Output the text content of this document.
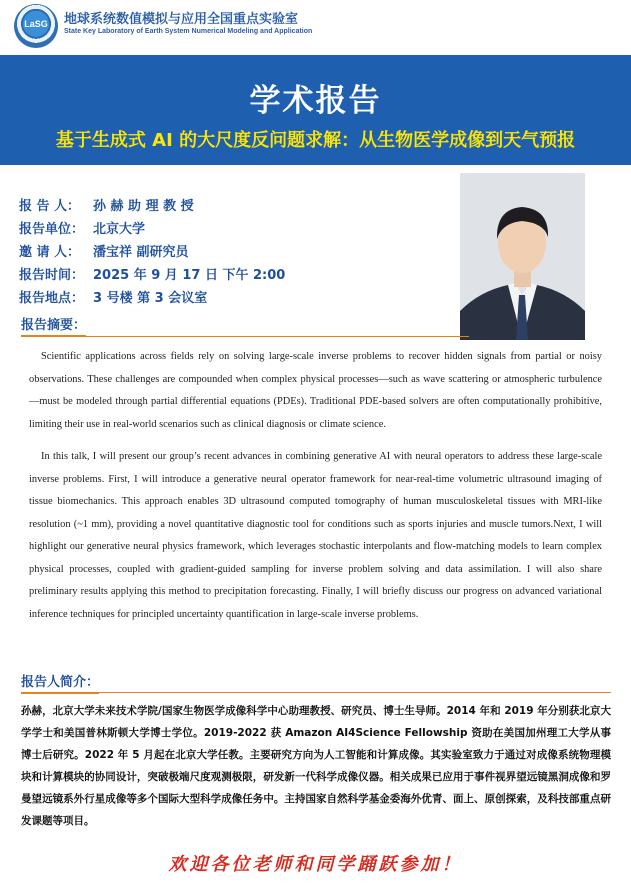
LaSG	地球系统数值模拟与应用全国重点实验室
State Key Laboratory of Earth System Numerical Modeling and Application
学术报告
基于生成式 AI 的大尺度反问题求解：从生物医学成像到天气预报
报 告 人： 孙 赫 助 理 教 授
报告单位： 北京大学
邀 请 人： 潘宝祥 副研究员
报告时间： 2025 年 9 月 17 日 下午 2:00
报告地点： 3 号楼 第 3 会议室
报告摘要：

Scientific applications across fields rely on solving large-scale inverse problems to recover hidden signals from partial or noisy observations. These challenges are compounded when complex physical processes—such as wave scattering or atmospheric turbulence—must be modeled through partial differential equations (PDEs). Traditional PDE-based solvers are often computationally prohibitive, limiting their use in real-world scenarios such as clinical diagnosis or climate science.

In this talk, I will present our group’s recent advances in combining generative AI with neural operators to address these large-scale inverse problems. First, I will introduce a generative neural operator framework for near-real-time volumetric ultrasound imaging of tissue biomechanics. This approach enables 3D ultrasound computed tomography of human musculoskeletal tissues with MRI-like resolution (~1 mm), providing a novel quantitative diagnostic tool for conditions such as sports injuries and muscle tumors.Next, I will highlight our generative neural physics framework, which leverages stochastic interpolants and flow-matching models to learn complex physical processes, coupled with gradient-guided sampling for inverse problem solving and data assimilation. I will also share preliminary results applying this method to precipitation forecasting. Finally, I will briefly discuss our progress on advanced variational inference techniques for principled uncertainty quantification in large-scale inverse problems.

报告人简介：
孙赫，北京大学未来技术学院/国家生物医学成像科学中心助理教授、研究员、博士生导师。2014 年和 2019 年分别获北京大学学士和美国普林斯顿大学博士学位。2019-2022 获 Amazon AI4Science Fellowship 资助在美国加州理工大学从事博士后研究。2022 年 5 月起在北京大学任教。主要研究方向为人工智能和计算成像。其实验室致力于通过对成像系统物理模块和计算模块的协同设计，突破极端尺度观测极限，研发新一代科学成像仪器。相关成果已应用于事件视界望远镜黑洞成像和罗曼望远镜系外行星成像等多个国际大型科学成像任务中。主持国家自然科学基金委海外优青、面上、原创探索，及科技部重点研发课题等项目。
欢迎各位老师和同学踊跃参加！
